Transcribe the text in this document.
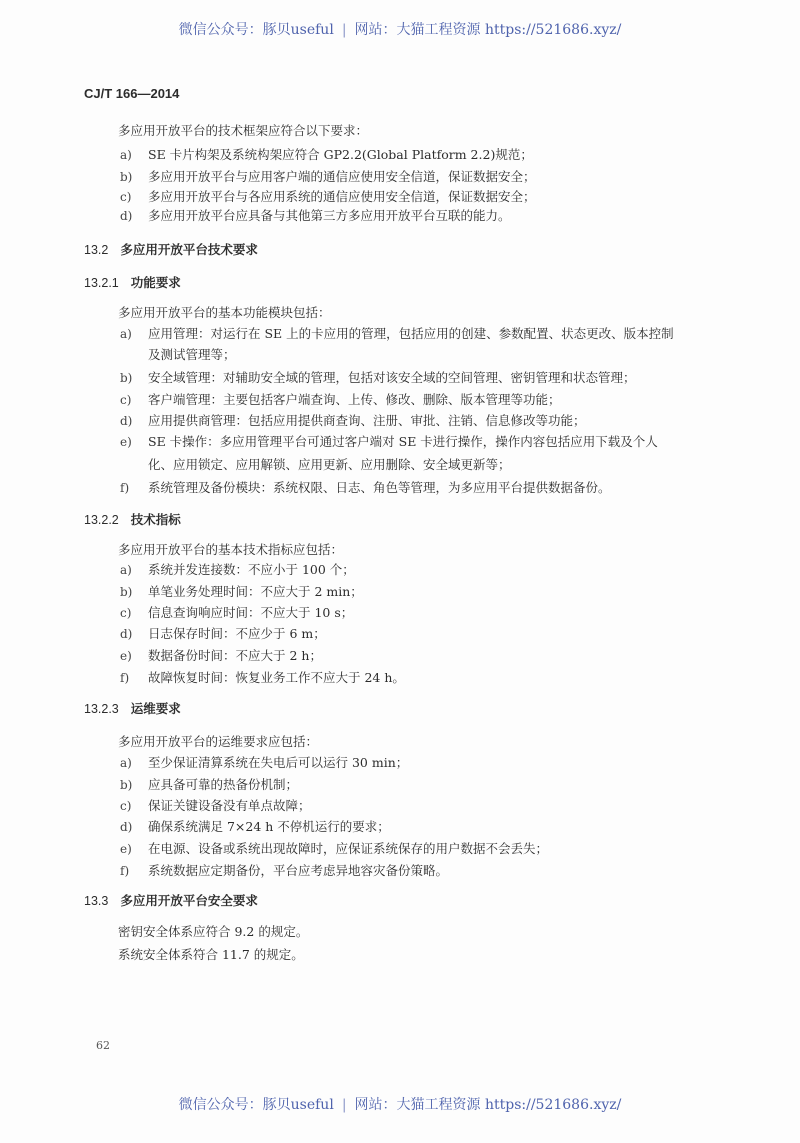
微信公众号：豚贝useful | 网站：大猫工程资源 https://521686.xyz/
CJ/T 166—2014
多应用开放平台的技术框架应符合以下要求：
a) SE 卡片构架及系统构架应符合 GP2.2(Global Platform 2.2)规范；
b) 多应用开放平台与应用客户端的通信应使用安全信道，保证数据安全；
c) 多应用开放平台与各应用系统的通信应使用安全信道，保证数据安全；
d) 多应用开放平台应具备与其他第三方多应用开放平台互联的能力。
13.2 多应用开放平台技术要求
13.2.1 功能要求
多应用开放平台的基本功能模块包括：
a) 应用管理：对运行在 SE 上的卡应用的管理，包括应用的创建、参数配置、状态更改、版本控制
及测试管理等；
b) 安全域管理：对辅助安全域的管理，包括对该安全域的空间管理、密钥管理和状态管理；
c) 客户端管理：主要包括客户端查询、上传、修改、删除、版本管理等功能；
d) 应用提供商管理：包括应用提供商查询、注册、审批、注销、信息修改等功能；
e) SE 卡操作：多应用管理平台可通过客户端对 SE 卡进行操作，操作内容包括应用下载及个人
化、应用锁定、应用解锁、应用更新、应用删除、安全域更新等；
f) 系统管理及备份模块：系统权限、日志、角色等管理，为多应用平台提供数据备份。
13.2.2 技术指标
多应用开放平台的基本技术指标应包括：
a) 系统并发连接数：不应小于 100 个；
b) 单笔业务处理时间：不应大于 2 min；
c) 信息查询响应时间：不应大于 10 s；
d) 日志保存时间：不应少于 6 m；
e) 数据备份时间：不应大于 2 h；
f) 故障恢复时间：恢复业务工作不应大于 24 h。
13.2.3 运维要求
多应用开放平台的运维要求应包括：
a) 至少保证清算系统在失电后可以运行 30 min；
b) 应具备可靠的热备份机制；
c) 保证关键设备没有单点故障；
d) 确保系统满足 7×24 h 不停机运行的要求；
e) 在电源、设备或系统出现故障时，应保证系统保存的用户数据不会丢失；
f) 系统数据应定期备份，平台应考虑异地容灾备份策略。
13.3 多应用开放平台安全要求
密钥安全体系应符合 9.2 的规定。
系统安全体系符合 11.7 的规定。
62
微信公众号：豚贝useful | 网站：大猫工程资源 https://521686.xyz/
